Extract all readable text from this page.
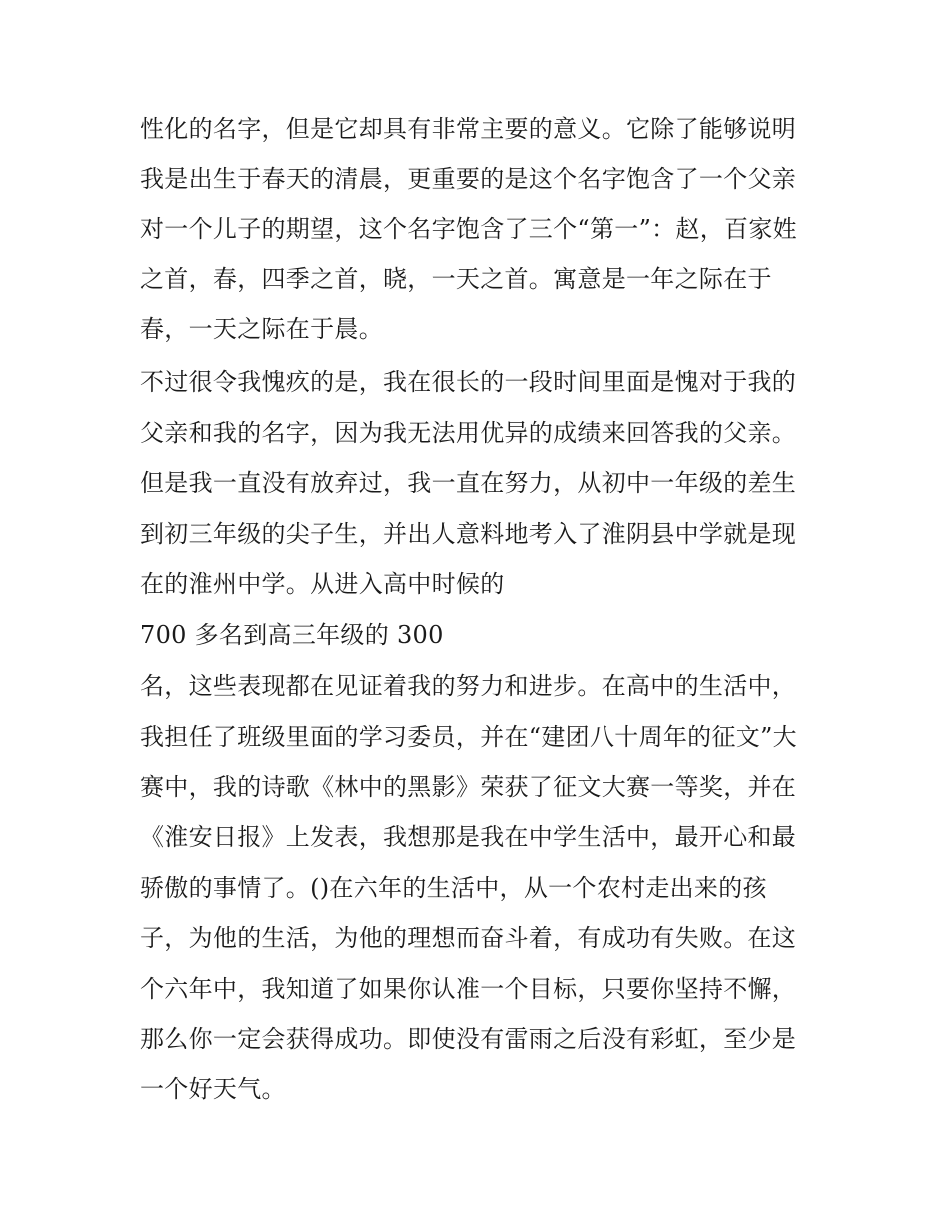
性化的名字，但是它却具有非常主要的意义。它除了能够说明

我是出生于春天的清晨，更重要的是这个名字饱含了一个父亲

对一个儿子的期望，这个名字饱含了三个“第一”：赵，百家姓

之首，春，四季之首，晓，一天之首。寓意是一年之际在于

春，一天之际在于晨。

不过很令我愧疚的是，我在很长的一段时间里面是愧对于我的

父亲和我的名字，因为我无法用优异的成绩来回答我的父亲。

但是我一直没有放弃过，我一直在努力，从初中一年级的差生

到初三年级的尖子生，并出人意料地考入了淮阴县中学就是现

在的淮州中学。从进入高中时候的

700 多名到高三年级的 300

名，这些表现都在见证着我的努力和进步。在高中的生活中，

我担任了班级里面的学习委员，并在“建团八十周年的征文”大

赛中，我的诗歌《林中的黑影》荣获了征文大赛一等奖，并在

《淮安日报》上发表，我想那是我在中学生活中，最开心和最

骄傲的事情了。()在六年的生活中，从一个农村走出来的孩

子，为他的生活，为他的理想而奋斗着，有成功有失败。在这

个六年中，我知道了如果你认准一个目标，只要你坚持不懈，

那么你一定会获得成功。即使没有雷雨之后没有彩虹，至少是

一个好天气。
